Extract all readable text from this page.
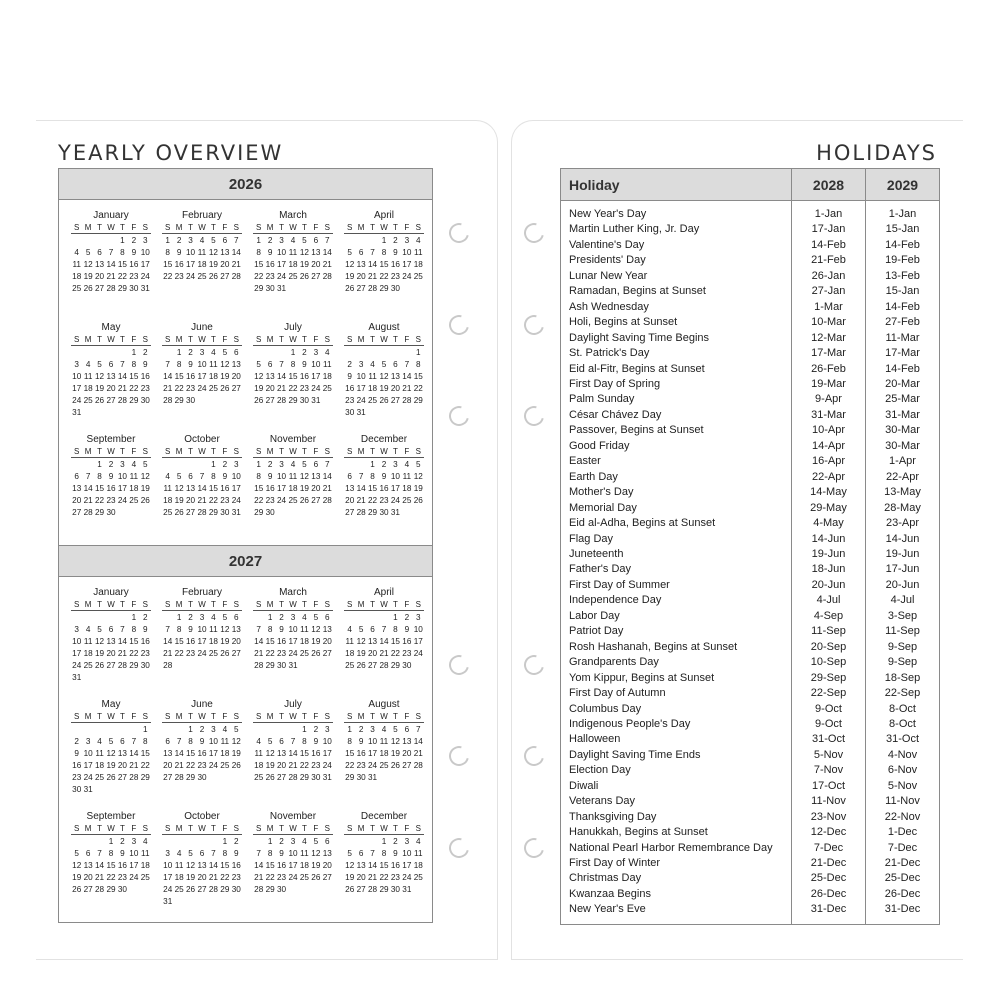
YEARLY OVERVIEW
2026
January
S M T W T F S
1 2 3
4 5 6 7 8 9 10
11 12 13 14 15 16 17
18 19 20 21 22 23 24
25 26 27 28 29 30 31
February
S M T W T F S
1 2 3 4 5 6 7
8 9 10 11 12 13 14
15 16 17 18 19 20 21
22 23 24 25 26 27 28
March
S M T W T F S
1 2 3 4 5 6 7
8 9 10 11 12 13 14
15 16 17 18 19 20 21
22 23 24 25 26 27 28
29 30 31
April
S M T W T F S
1 2 3 4
5 6 7 8 9 10 11
12 13 14 15 16 17 18
19 20 21 22 23 24 25
26 27 28 29 30
May
S M T W T F S
1 2
3 4 5 6 7 8 9
10 11 12 13 14 15 16
17 18 19 20 21 22 23
24 25 26 27 28 29 30
31
June
S M T W T F S
1 2 3 4 5 6
7 8 9 10 11 12 13
14 15 16 17 18 19 20
21 22 23 24 25 26 27
28 29 30
July
S M T W T F S
1 2 3 4
5 6 7 8 9 10 11
12 13 14 15 16 17 18
19 20 21 22 23 24 25
26 27 28 29 30 31
August
S M T W T F S
1
2 3 4 5 6 7 8
9 10 11 12 13 14 15
16 17 18 19 20 21 22
23 24 25 26 27 28 29
30 31
September
S M T W T F S
1 2 3 4 5
6 7 8 9 10 11 12
13 14 15 16 17 18 19
20 21 22 23 24 25 26
27 28 29 30
October
S M T W T F S
1 2 3
4 5 6 7 8 9 10
11 12 13 14 15 16 17
18 19 20 21 22 23 24
25 26 27 28 29 30 31
November
S M T W T F S
1 2 3 4 5 6 7
8 9 10 11 12 13 14
15 16 17 18 19 20 21
22 23 24 25 26 27 28
29 30
December
S M T W T F S
1 2 3 4 5
6 7 8 9 10 11 12
13 14 15 16 17 18 19
20 21 22 23 24 25 26
27 28 29 30 31
2027
January
S M T W T F S
1 2
3 4 5 6 7 8 9
10 11 12 13 14 15 16
17 18 19 20 21 22 23
24 25 26 27 28 29 30
31
February
S M T W T F S
1 2 3 4 5 6
7 8 9 10 11 12 13
14 15 16 17 18 19 20
21 22 23 24 25 26 27
28
March
S M T W T F S
1 2 3 4 5 6
7 8 9 10 11 12 13
14 15 16 17 18 19 20
21 22 23 24 25 26 27
28 29 30 31
April
S M T W T F S
1 2 3
4 5 6 7 8 9 10
11 12 13 14 15 16 17
18 19 20 21 22 23 24
25 26 27 28 29 30
May
S M T W T F S
1
2 3 4 5 6 7 8
9 10 11 12 13 14 15
16 17 18 19 20 21 22
23 24 25 26 27 28 29
30 31
June
S M T W T F S
1 2 3 4 5
6 7 8 9 10 11 12
13 14 15 16 17 18 19
20 21 22 23 24 25 26
27 28 29 30
July
S M T W T F S
1 2 3
4 5 6 7 8 9 10
11 12 13 14 15 16 17
18 19 20 21 22 23 24
25 26 27 28 29 30 31
August
S M T W T F S
1 2 3 4 5 6 7
8 9 10 11 12 13 14
15 16 17 18 19 20 21
22 23 24 25 26 27 28
29 30 31
September
S M T W T F S
1 2 3 4
5 6 7 8 9 10 11
12 13 14 15 16 17 18
19 20 21 22 23 24 25
26 27 28 29 30
October
S M T W T F S
1 2
3 4 5 6 7 8 9
10 11 12 13 14 15 16
17 18 19 20 21 22 23
24 25 26 27 28 29 30
31
November
S M T W T F S
1 2 3 4 5 6
7 8 9 10 11 12 13
14 15 16 17 18 19 20
21 22 23 24 25 26 27
28 29 30
December
S M T W T F S
1 2 3 4
5 6 7 8 9 10 11
12 13 14 15 16 17 18
19 20 21 22 23 24 25
26 27 28 29 30 31
HOLIDAYS
Holiday	2028	2029
New Year's Day
Martin Luther King, Jr. Day
Valentine's Day
Presidents' Day
Lunar New Year
Ramadan, Begins at Sunset
Ash Wednesday
Holi, Begins at Sunset
Daylight Saving Time Begins
St. Patrick's Day
Eid al-Fitr, Begins at Sunset
First Day of Spring
Palm Sunday
César Chávez Day
Passover, Begins at Sunset
Good Friday
Easter
Earth Day
Mother's Day
Memorial Day
Eid al-Adha, Begins at Sunset
Flag Day
Juneteenth
Father's Day
First Day of Summer
Independence Day
Labor Day
Patriot Day
Rosh Hashanah, Begins at Sunset
Grandparents Day
Yom Kippur, Begins at Sunset
First Day of Autumn
Columbus Day
Indigenous People's Day
Halloween
Daylight Saving Time Ends
Election Day
Diwali
Veterans Day
Thanksgiving Day
Hanukkah, Begins at Sunset
National Pearl Harbor Remembrance Day
First Day of Winter
Christmas Day
Kwanzaa Begins
New Year's Eve
1-Jan
17-Jan
14-Feb
21-Feb
26-Jan
27-Jan
1-Mar
10-Mar
12-Mar
17-Mar
26-Feb
19-Mar
9-Apr
31-Mar
10-Apr
14-Apr
16-Apr
22-Apr
14-May
29-May
4-May
14-Jun
19-Jun
18-Jun
20-Jun
4-Jul
4-Sep
11-Sep
20-Sep
10-Sep
29-Sep
22-Sep
9-Oct
9-Oct
31-Oct
5-Nov
7-Nov
17-Oct
11-Nov
23-Nov
12-Dec
7-Dec
21-Dec
25-Dec
26-Dec
31-Dec
1-Jan
15-Jan
14-Feb
19-Feb
13-Feb
15-Jan
14-Feb
27-Feb
11-Mar
17-Mar
14-Feb
20-Mar
25-Mar
31-Mar
30-Mar
30-Mar
1-Apr
22-Apr
13-May
28-May
23-Apr
14-Jun
19-Jun
17-Jun
20-Jun
4-Jul
3-Sep
11-Sep
9-Sep
9-Sep
18-Sep
22-Sep
8-Oct
8-Oct
31-Oct
4-Nov
6-Nov
5-Nov
11-Nov
22-Nov
1-Dec
7-Dec
21-Dec
25-Dec
26-Dec
31-Dec
